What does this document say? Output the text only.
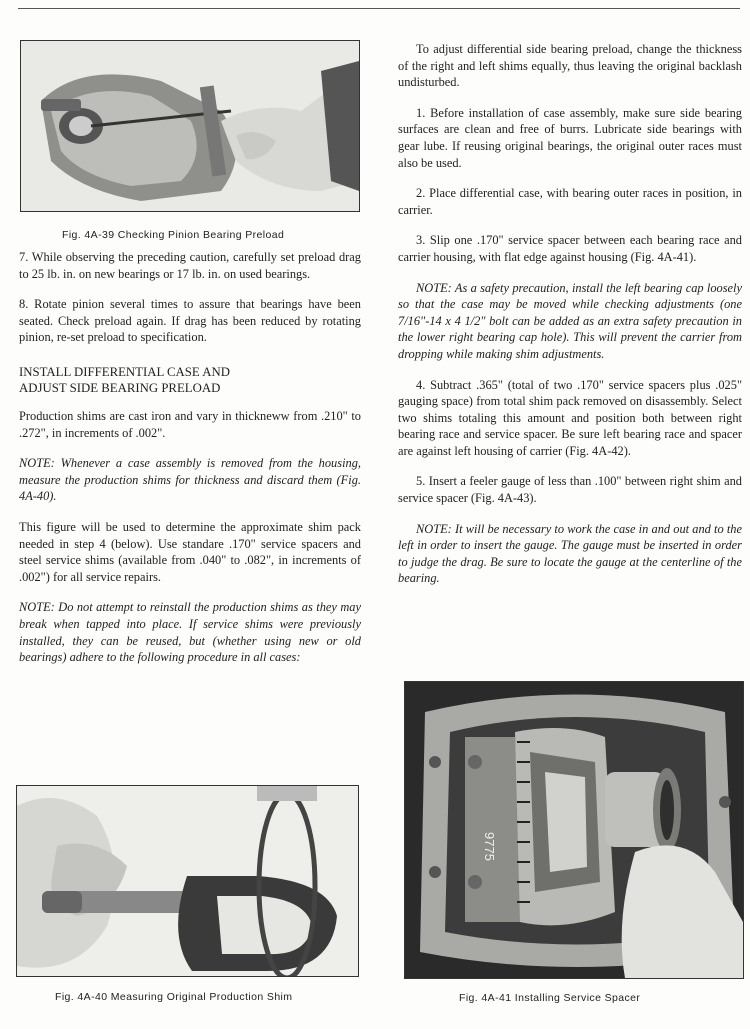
Fig. 4A-39 Checking Pinion Bearing Preload

7. While observing the preceding caution, carefully set preload drag to 25 lb. in. on new bearings or 17 lb. in. on used bearings.

8. Rotate pinion several times to assure that bearings have been seated. Check preload again. If drag has been reduced by rotating pinion, re-set preload to specification.

INSTALL DIFFERENTIAL CASE AND
ADJUST SIDE BEARING PRELOAD

Production shims are cast iron and vary in thickneww from .210" to .272", in increments of .002".

NOTE: Whenever a case assembly is removed from the housing, measure the production shims for thickness and discard them (Fig. 4A-40).

This figure will be used to determine the approximate shim pack needed in step 4 (below). Use standare .170" service spacers and steel service shims (available from .040" to .082", in increments of .002") for all service repairs.

NOTE: Do not attempt to reinstall the production shims as they may break when tapped into place. If service shims were previously installed, they can be reused, but (whether using new or old bearings) adhere to the following procedure in all cases:

Fig. 4A-40 Measuring Original Production Shim

To adjust differential side bearing preload, change the thickness of the right and left shims equally, thus leaving the original backlash undisturbed.

1. Before installation of case assembly, make sure side bearing surfaces are clean and free of burrs. Lubricate side bearings with gear lube. If reusing original bearings, the original outer races must also be used.

2. Place differential case, with bearing outer races in position, in carrier.

3. Slip one .170" service spacer between each bearing race and carrier housing, with flat edge against housing (Fig. 4A-41).

NOTE: As a safety precaution, install the left bearing cap loosely so that the case may be moved while checking adjustments (one 7/16"-14 x 4 1/2" bolt can be added as an extra safety precaution in the lower right bearing cap hole). This will prevent the carrier from dropping while making shim adjustments.

4. Subtract .365" (total of two .170" service spacers plus .025" gauging space) from total shim pack removed on disassembly. Select two shims totaling this amount and position both between right bearing race and service spacer. Be sure left bearing race and spacer are against left housing of carrier (Fig. 4A-42).

5. Insert a feeler gauge of less than .100" between right shim and service spacer (Fig. 4A-43).

NOTE: It will be necessary to work the case in and out and to the left in order to insert the gauge. The gauge must be inserted in order to judge the drag. Be sure to locate the gauge at the centerline of the bearing.

9775
Fig. 4A-41 Installing Service Spacer
